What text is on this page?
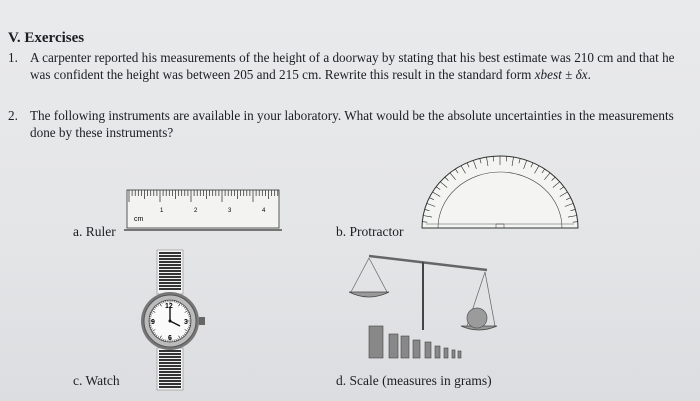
V. Exercises
1. A carpenter reported his measurements of the height of a doorway by stating that his best estimate was 210 cm and that he was confident the height was between 205 and 215 cm. Rewrite this result in the standard form xbest ± δx.
2. The following instruments are available in your laboratory. What would be the absolute uncertainties in the measurements done by these instruments?
a. Ruler
cm
1	2	3	4
b. Protractor
c. Watch
12
3
6
9
d. Scale (measures in grams)
